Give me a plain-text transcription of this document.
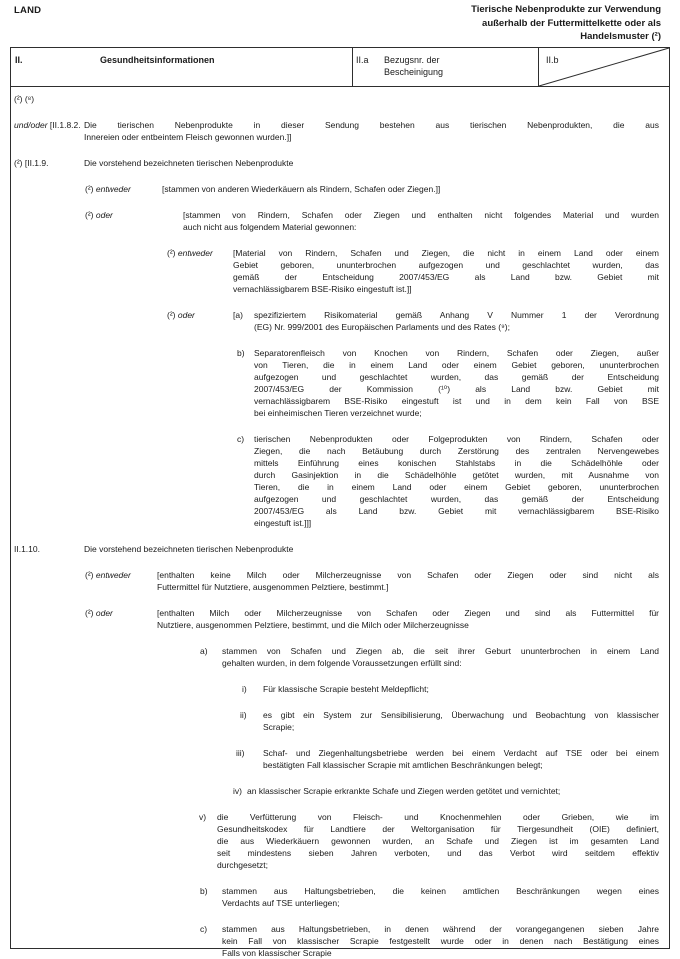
LAND	Tierische Nebenprodukte zur Verwendung
außerhalb der Futtermittelkette oder als
Handelsmuster (²)
II.	Gesundheitsinformationen	II.a Bezugsnr. der Bescheinigung
II.b
(²) (⁸)
und/oder [II.1.8.2. Die tierischen Nebenprodukte in dieser Sendung bestehen aus tierischen Nebenprodukten, die aus
Innereien oder entbeintem Fleisch gewonnen wurden.]]
(²) [II.1.9.	Die vorstehend bezeichneten tierischen Nebenprodukte
(²) entweder	[stammen von anderen Wiederkäuern als Rindern, Schafen oder Ziegen.]]
(²) oder	[stammen von Rindern, Schafen oder Ziegen und enthalten nicht folgendes Material und wurden
auch nicht aus folgendem Material gewonnen:
(²) entweder [Material von Rindern, Schafen und Ziegen, die nicht in einem Land oder einem
Gebiet geboren, ununterbrochen aufgezogen und geschlachtet wurden, das
gemäß der Entscheidung 2007/453/EG als Land bzw. Gebiet mit
vernachlässigbarem BSE-Risiko eingestuft ist.]]
(²) oder	[a) spezifiziertem Risikomaterial gemäß Anhang V Nummer 1 der Verordnung
(EG) Nr. 999/2001 des Europäischen Parlaments und des Rates (⁹);
b) Separatorenfleisch von Knochen von Rindern, Schafen oder Ziegen, außer
von Tieren, die in einem Land oder einem Gebiet geboren, ununterbrochen
aufgezogen und geschlachtet wurden, das gemäß der Entscheidung
2007/453/EG der Kommission (¹⁰) als Land bzw. Gebiet mit
vernachlässigbarem BSE-Risiko eingestuft ist und in dem kein Fall von BSE
bei einheimischen Tieren verzeichnet wurde;
c) tierischen Nebenprodukten oder Folgeprodukten von Rindern, Schafen oder
Ziegen, die nach Betäubung durch Zerstörung des zentralen Nervengewebes
mittels Einführung eines konischen Stahlstabs in die Schädelhöhle oder
durch Gasinjektion in die Schädelhöhle getötet wurden, mit Ausnahme von
Tieren, die in einem Land oder einem Gebiet geboren, ununterbrochen
aufgezogen und geschlachtet wurden, das gemäß der Entscheidung
2007/453/EG als Land bzw. Gebiet mit vernachlässigbarem BSE-Risiko
eingestuft ist.]]]
II.1.10.	Die vorstehend bezeichneten tierischen Nebenprodukte
(²) entweder	[enthalten keine Milch oder Milcherzeugnisse von Schafen oder Ziegen oder sind nicht als
Futtermittel für Nutztiere, ausgenommen Pelztiere, bestimmt.]
(²) oder	[enthalten Milch oder Milcherzeugnisse von Schafen oder Ziegen und sind als Futtermittel für
Nutztiere, ausgenommen Pelztiere, bestimmt, und die Milch oder Milcherzeugnisse
a) stammen von Schafen und Ziegen ab, die seit ihrer Geburt ununterbrochen in einem Land
gehalten wurden, in dem folgende Voraussetzungen erfüllt sind:
i) Für klassische Scrapie besteht Meldepflicht;
ii) es gibt ein System zur Sensibilisierung, Überwachung und Beobachtung von klassischer
Scrapie;
iii) Schaf- und Ziegenhaltungsbetriebe werden bei einem Verdacht auf TSE oder bei einem
bestätigten Fall klassischer Scrapie mit amtlichen Beschränkungen belegt;
iv) an klassischer Scrapie erkrankte Schafe und Ziegen werden getötet und vernichtet;
v) die Verfütterung von Fleisch- und Knochenmehlen oder Grieben, wie im
Gesundheitskodex für Landtiere der Weltorganisation für Tiergesundheit (OIE) definiert,
die aus Wiederkäuern gewonnen wurden, an Schafe und Ziegen ist im gesamten Land
seit mindestens sieben Jahren verboten, und das Verbot wird seitdem effektiv
durchgesetzt;
b) stammen aus Haltungsbetrieben, die keinen amtlichen Beschränkungen wegen eines
Verdachts auf TSE unterliegen;
c) stammen aus Haltungsbetrieben, in denen während der vorangegangenen sieben Jahre
kein Fall von klassischer Scrapie festgestellt wurde oder in denen nach Bestätigung eines
Falls von klassischer Scrapie
